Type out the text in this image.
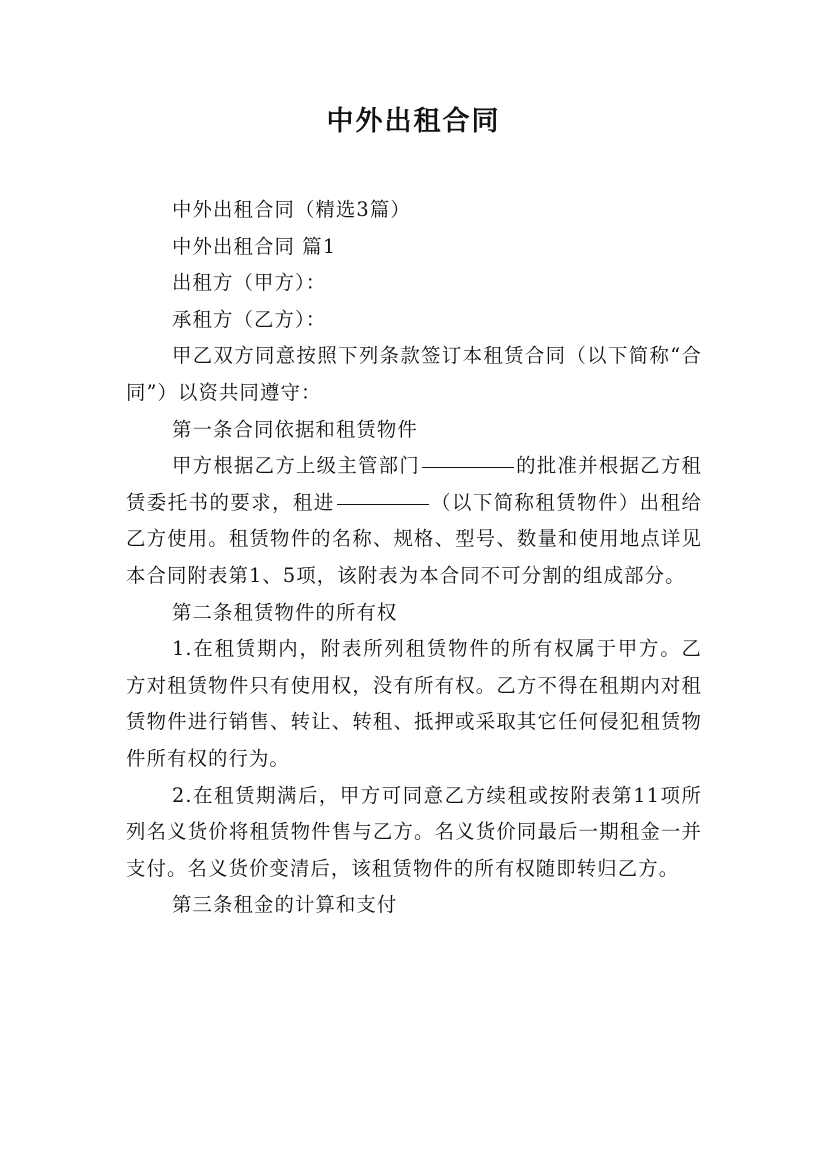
中外出租合同

中外出租合同（精选3篇）

中外出租合同 篇1

出租方（甲方）：

承租方（乙方）：

甲乙双方同意按照下列条款签订本租赁合同（以下简称“合同”）以资共同遵守：

第一条合同依据和租赁物件

甲方根据乙方上级主管部门	的批准并根据乙方租赁委托书的要求，租进	（以下简称租赁物件）出租给乙方使用。租赁物件的名称、规格、型号、数量和使用地点详见本合同附表第1、5项，该附表为本合同不可分割的组成部分。

第二条租赁物件的所有权

1.在租赁期内，附表所列租赁物件的所有权属于甲方。乙方对租赁物件只有使用权，没有所有权。乙方不得在租期内对租赁物件进行销售、转让、转租、抵押或采取其它任何侵犯租赁物件所有权的行为。

2.在租赁期满后，甲方可同意乙方续租或按附表第11项所列名义货价将租赁物件售与乙方。名义货价同最后一期租金一并支付。名义货价变清后，该租赁物件的所有权随即转归乙方。

第三条租金的计算和支付
